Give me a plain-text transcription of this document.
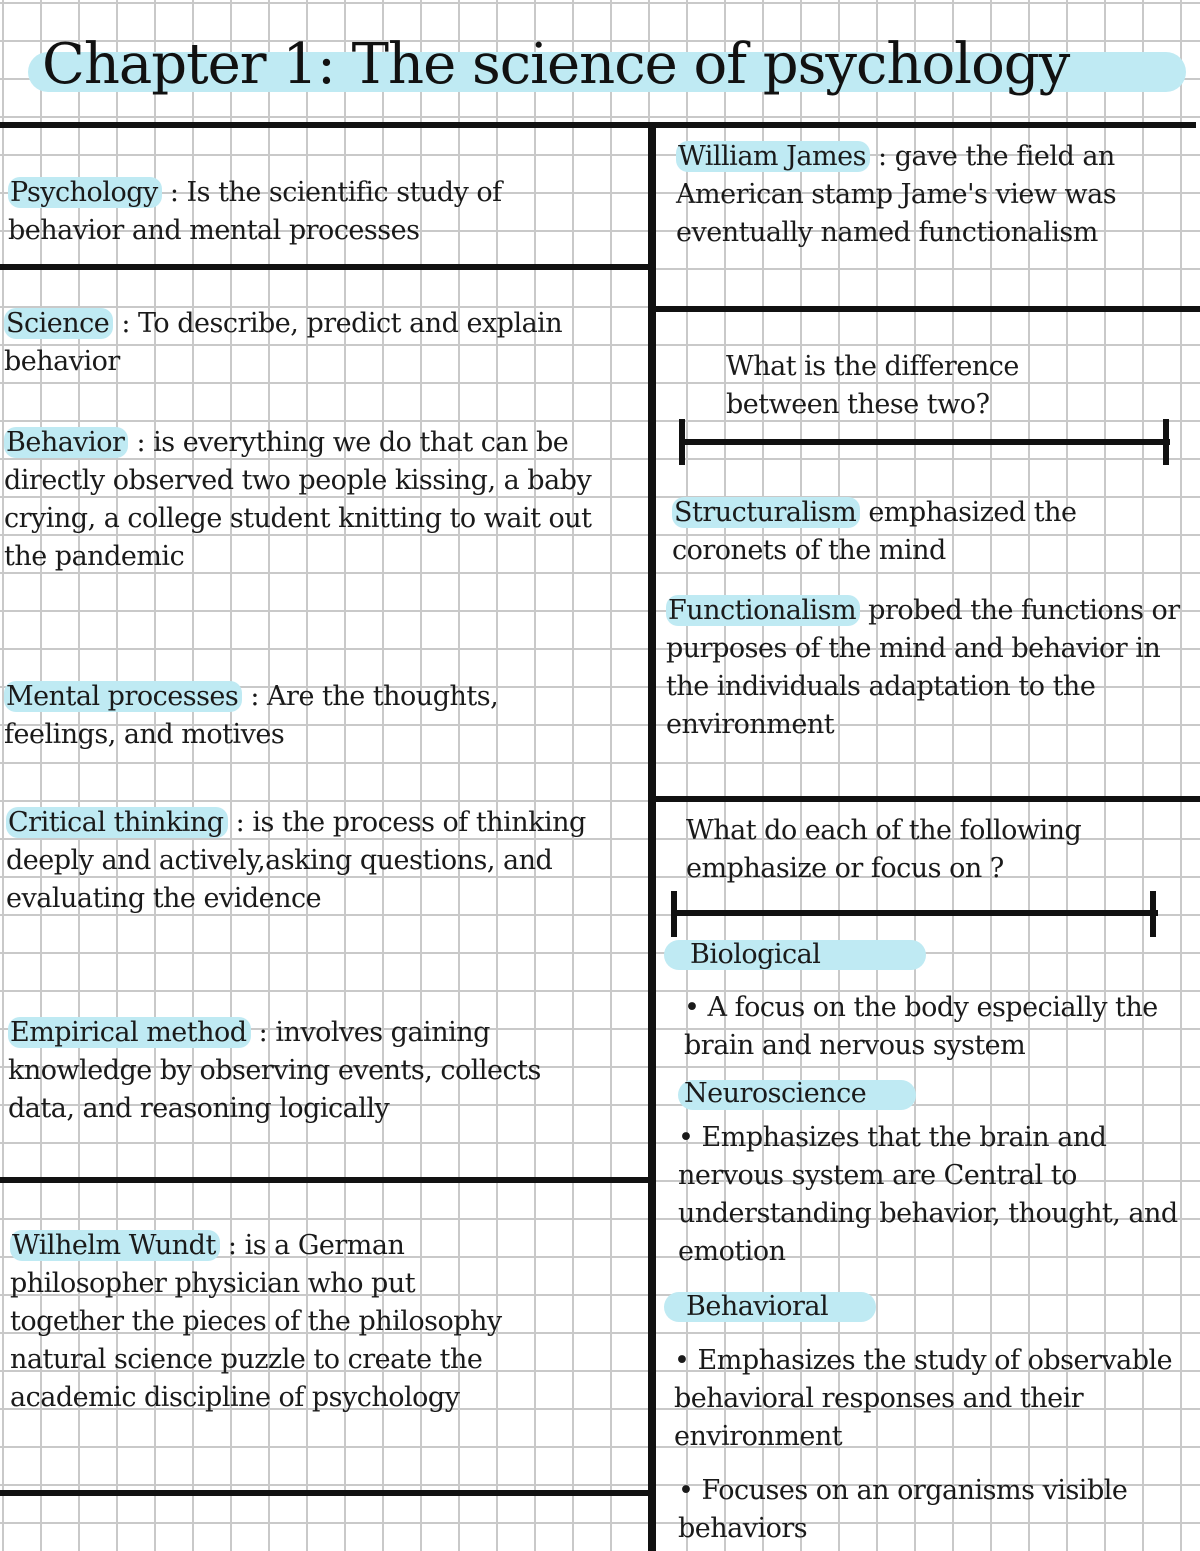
Chapter 1: The science of psychology
Psychology : Is the scientific study of behavior and mental processes
Science : To describe, predict and explain behavior
Behavior : is everything we do that can be directly observed two people kissing, a baby crying, a college student knitting to wait out the pandemic
Mental processes : Are the thoughts, feelings, and motives
Critical thinking : is the process of thinking deeply and actively,asking questions, and evaluating the evidence
Empirical method : involves gaining knowledge by observing events, collects data, and reasoning logically
Wilhelm Wundt : is a German philosopher physician who put together the pieces of the philosophy natural science puzzle to create the academic discipline of psychology
William James : gave the field an American stamp Jame's view was eventually named functionalism
What is the difference between these two?
Structuralism emphasized the coronets of the mind
Functionalism probed the functions or purposes of the mind and behavior in the individuals adaptation to the environment
What do each of the following emphasize or focus on ?
Biological
• A focus on the body especially the brain and nervous system
Neuroscience
• Emphasizes that the brain and nervous system are Central to understanding behavior, thought, and emotion
Behavioral
• Emphasizes the study of observable behavioral responses and their environment
• Focuses on an organisms visible behaviors
